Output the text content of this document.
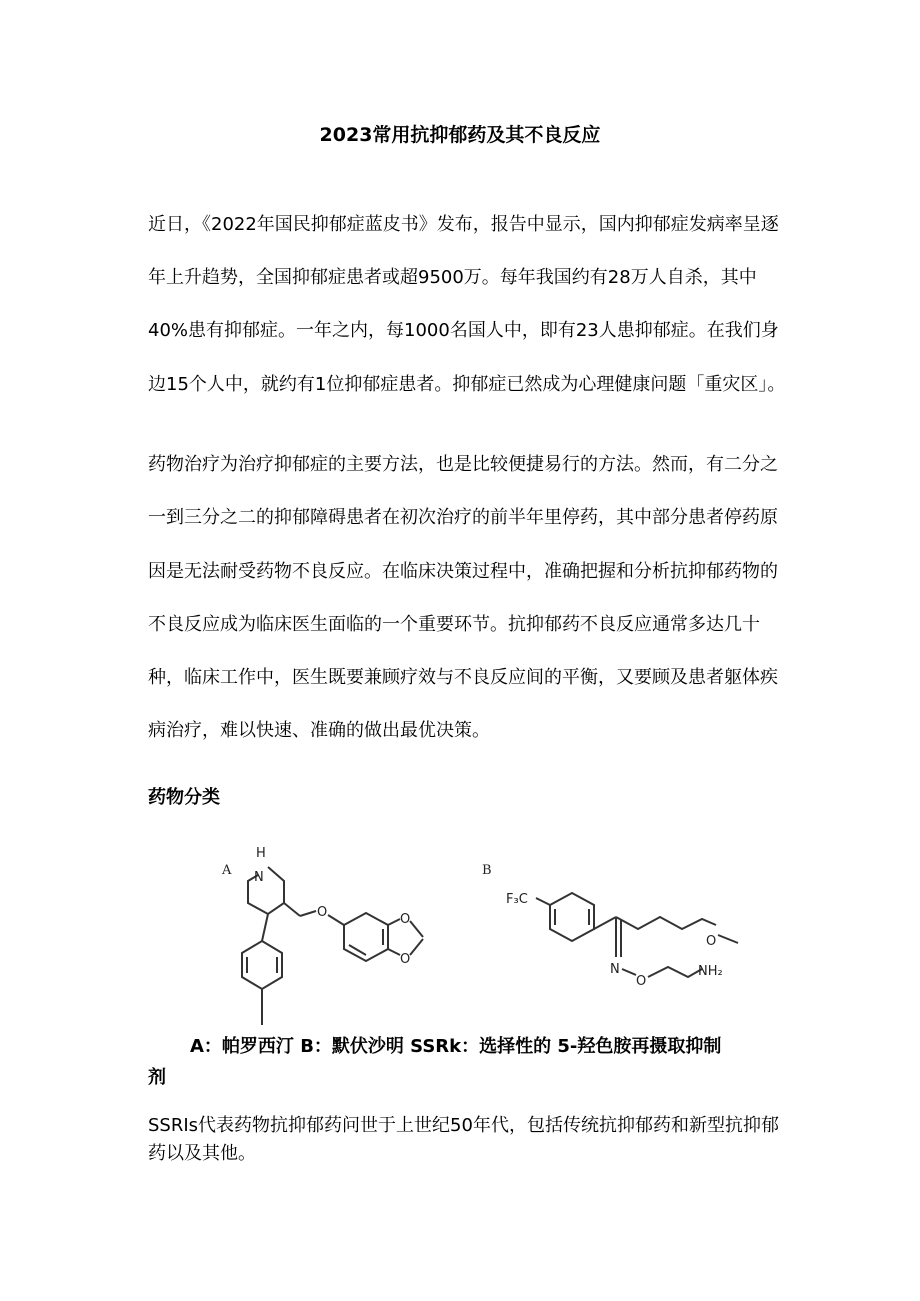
2023常用抗抑郁药及其不良反应

近日，《2022年国民抑郁症蓝皮书》发布，报告中显示，国内抑郁症发病率呈逐年上升趋势，全国抑郁症患者或超9500万。每年我国约有28万人自杀，其中40%患有抑郁症。一年之内，每1000名国人中，即有23人患抑郁症。在我们身边15个人中，就约有1位抑郁症患者。抑郁症已然成为心理健康问题「重灾区」。

药物治疗为治疗抑郁症的主要方法，也是比较便捷易行的方法。然而，有二分之一到三分之二的抑郁障碍患者在初次治疗的前半年里停药，其中部分患者停药原因是无法耐受药物不良反应。在临床决策过程中，准确把握和分析抗抑郁药物的不良反应成为临床医生面临的一个重要环节。抗抑郁药不良反应通常多达几十种，临床工作中，医生既要兼顾疗效与不良反应间的平衡，又要顾及患者躯体疾病治疗，难以快速、准确的做出最优决策。

药物分类
A
H
N
O	O
O
B
F₃C
O
N
O
NH₂
A：帕罗西汀 B：默伏沙明 SSRk：选择性的 5-羟色胺再摄取抑制
剂

SSRIs代表药物抗抑郁药问世于上世纪50年代，包括传统抗抑郁药和新型抗抑郁药以及其他。
